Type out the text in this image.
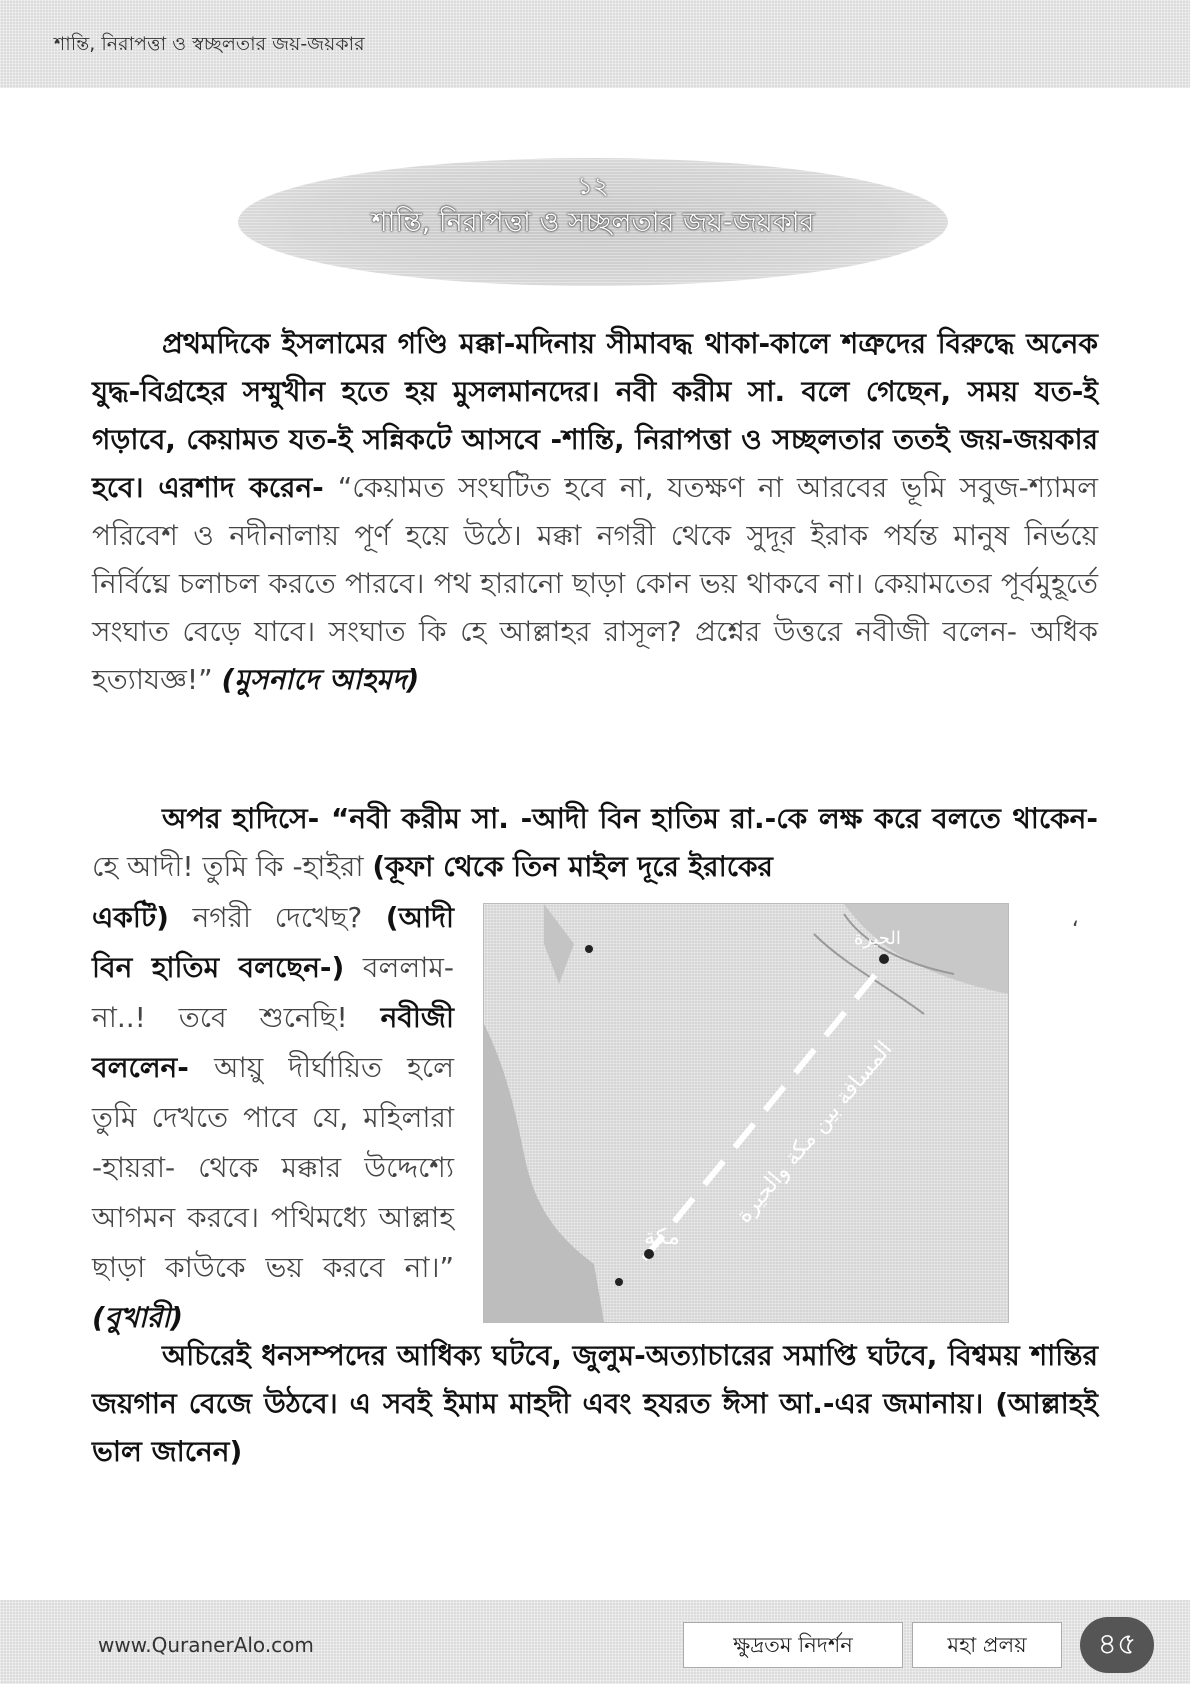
শান্তি, নিরাপত্তা ও স্বচ্ছলতার জয়-জয়কার
১২
শান্তি, নিরাপত্তা ও সচ্ছলতার জয়-জয়কার
প্রথমদিকে ইসলামের গণ্ডি মক্কা-মদিনায় সীমাবদ্ধ থাকা-কালে শত্রুদের বিরুদ্ধে অনেক যুদ্ধ-বিগ্রহের সম্মুখীন হতে হয় মুসলমানদের। নবী করীম সা. বলে গেছেন, সময় যত-ই গড়াবে, কেয়ামত যত-ই সন্নিকটে আসবে -শান্তি, নিরাপত্তা ও সচ্ছলতার ততই জয়-জয়কার হবে। এরশাদ করেন- “কেয়ামত সংঘটিত হবে না, যতক্ষণ না আরবের ভূমি সবুজ-শ্যামল পরিবেশ ও নদীনালায় পূর্ণ হয়ে উঠে। মক্কা নগরী থেকে সুদূর ইরাক পর্যন্ত মানুষ নির্ভয়ে নির্বিঘ্নে চলাচল করতে পারবে। পথ হারানো ছাড়া কোন ভয় থাকবে না। কেয়ামতের পূর্বমুহূর্তে সংঘাত বেড়ে যাবে। সংঘাত কি হে আল্লাহর রাসূল? প্রশ্নের উত্তরে নবীজী বলেন- অধিক হত্যাযজ্ঞ!” (মুসনাদে আহমদ)
অপর হাদিসে- “নবী করীম সা. -আদী বিন হাতিম রা.-কে লক্ষ করে বলতে থাকেন- হে আদী! তুমি কি -হাইরা (কূফা থেকে তিন মাইল দূরে ইরাকের
একটি) নগরী দেখেছ? (আদী বিন হাতিম বলছেন-) বললাম- না..! তবে শুনেছি! নবীজী বললেন- আয়ু দীর্ঘায়িত হলে তুমি দেখতে পাবে যে, মহিলারা -হায়রা- থেকে মক্কার উদ্দেশ্যে আগমন করবে। পথিমধ্যে আল্লাহ ছাড়া কাউকে ভয় করবে না।” (বুখারী)
مكة
الحيرة
المسافة بين مكة والحيرة
‘
অচিরেই ধনসম্পদের আধিক্য ঘটবে, জুলুম-অত্যাচারের সমাপ্তি ঘটবে, বিশ্বময় শান্তির জয়গান বেজে উঠবে। এ সবই ইমাম মাহদী এবং হযরত ঈসা আ.-এর জমানায়। (আল্লাহই ভাল জানেন)
www.QuranerAlo.com	ক্ষুদ্রতম নিদর্শন	মহা প্রলয়	৪৫
